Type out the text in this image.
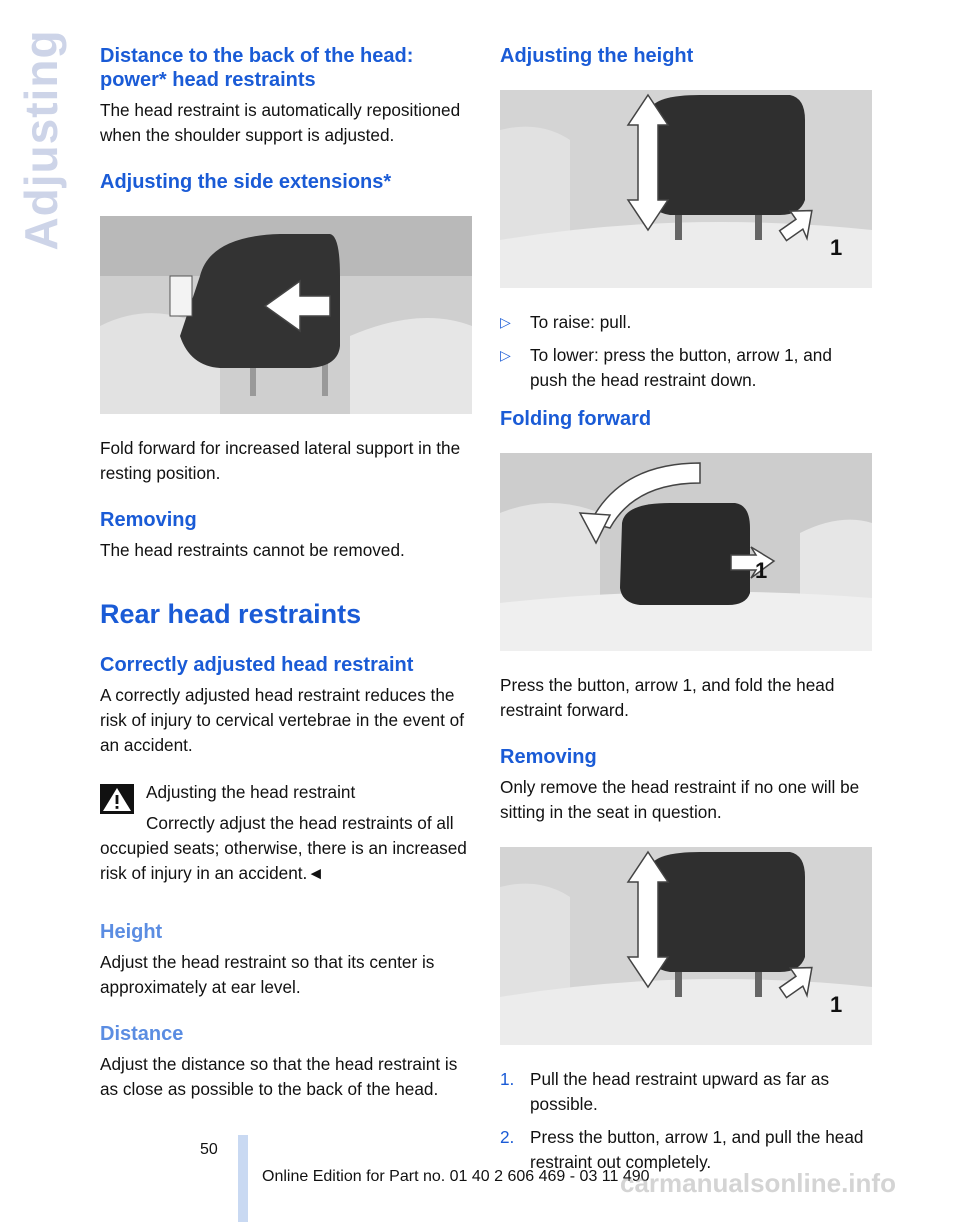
Adjusting Distance to the back of the head: power* head restraints

The head restraint is automatically repositioned when the shoulder support is adjusted.

Adjusting the side extensions*

Fold forward for increased lateral support in the resting position.

Removing

The head restraints cannot be removed.

Rear head restraints
Correctly adjusted head restraint

A correctly adjusted head restraint reduces the risk of injury to cervical vertebrae in the event of an accident.

Adjusting the head restraint

Correctly adjust the head restraints of all

occupied seats; otherwise, there is an increased risk of injury in an accident.◄

Height

Adjust the head restraint so that its center is approximately at ear level.

Distance

Adjust the distance so that the head restraint is as close as possible to the back of the head.

Adjusting the height
1
▷ To raise: pull.
▷ To lower: press the button, arrow 1, and push the head restraint down.
Folding forward
1

Press the button, arrow 1, and fold the head restraint forward.

Removing

Only remove the head restraint if no one will be sitting in the seat in question.

1
1. Pull the head restraint upward as far as possible.
2. Press the button, arrow 1, and pull the head restraint out completely.
50
Online Edition for Part no. 01 40 2 606 469 - 03 11 490
carmanualsonline.info
